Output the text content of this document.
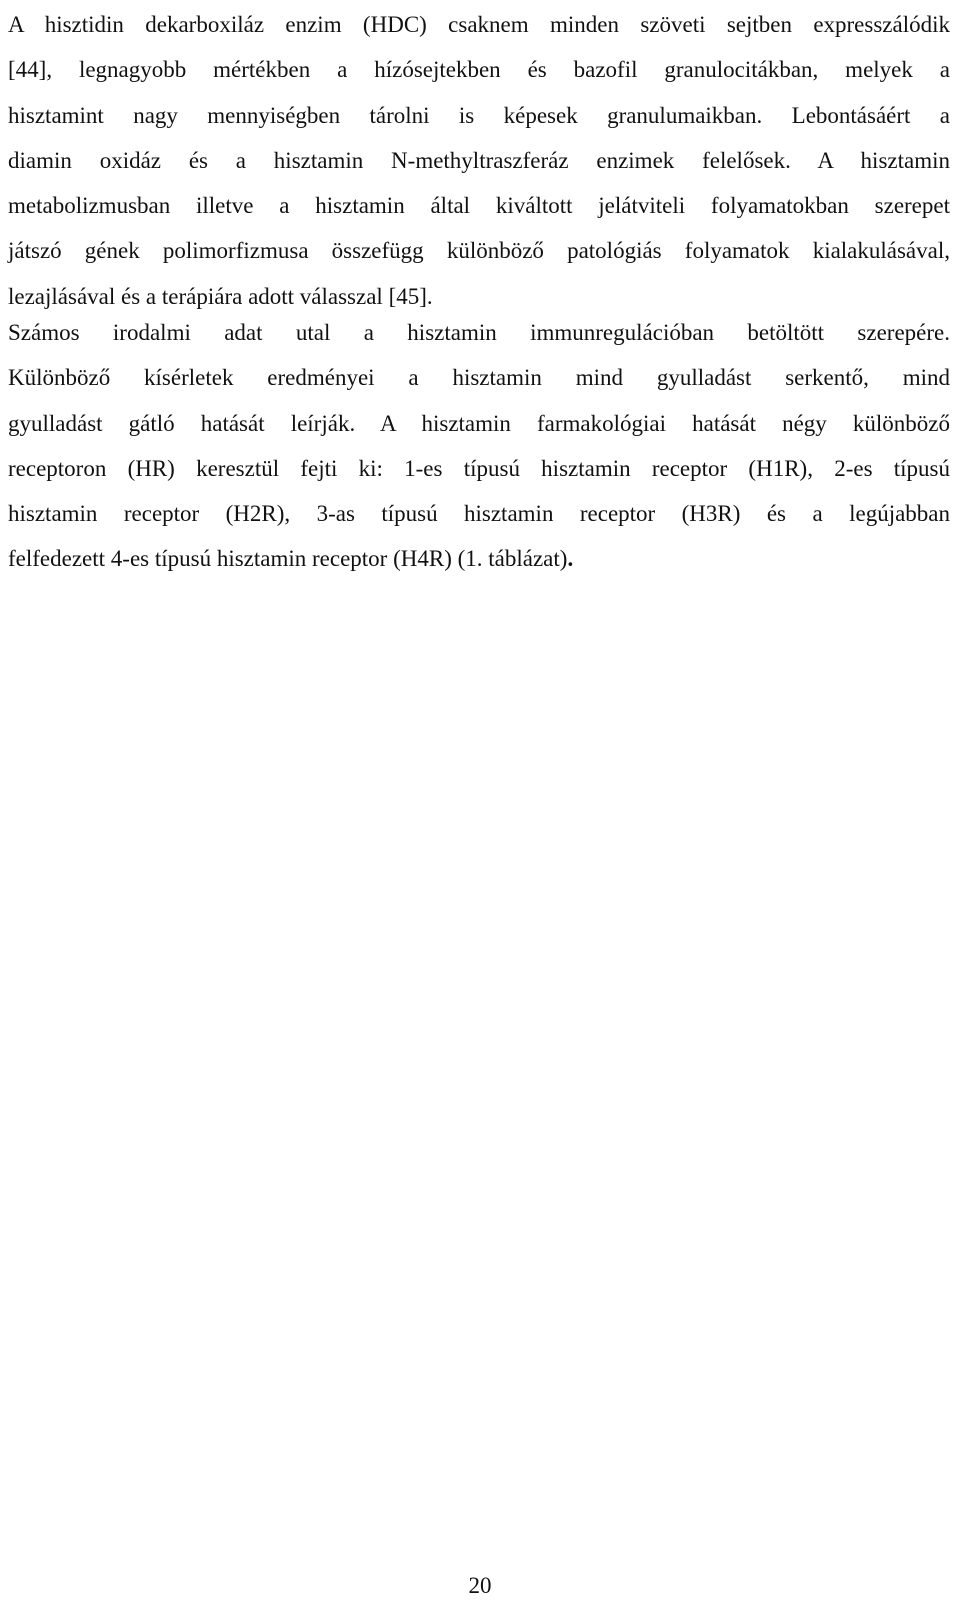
A hisztidin dekarboxiláz enzim (HDC) csaknem minden szöveti sejtben expresszálódik
[44], legnagyobb mértékben a hízósejtekben és bazofil granulocitákban, melyek a
hisztamint nagy mennyiségben tárolni is képesek granulumaikban. Lebontásáért a
diamin oxidáz és a hisztamin N-methyltraszferáz enzimek felelősek. A hisztamin
metabolizmusban illetve a hisztamin által kiváltott jelátviteli folyamatokban szerepet
játszó gének polimorfizmusa összefügg különböző patológiás folyamatok kialakulásával,
lezajlásával és a terápiára adott válasszal [45].
Számos irodalmi adat utal a hisztamin immunregulációban betöltött szerepére.
Különböző kísérletek eredményei a hisztamin mind gyulladást serkentő, mind
gyulladást gátló hatását leírják. A hisztamin farmakológiai hatását négy különböző
receptoron (HR) keresztül fejti ki: 1-es típusú hisztamin receptor (H1R), 2-es típusú
hisztamin receptor (H2R), 3-as típusú hisztamin receptor (H3R) és a legújabban
felfedezett 4-es típusú hisztamin receptor (H4R) (1. táblázat).
20
